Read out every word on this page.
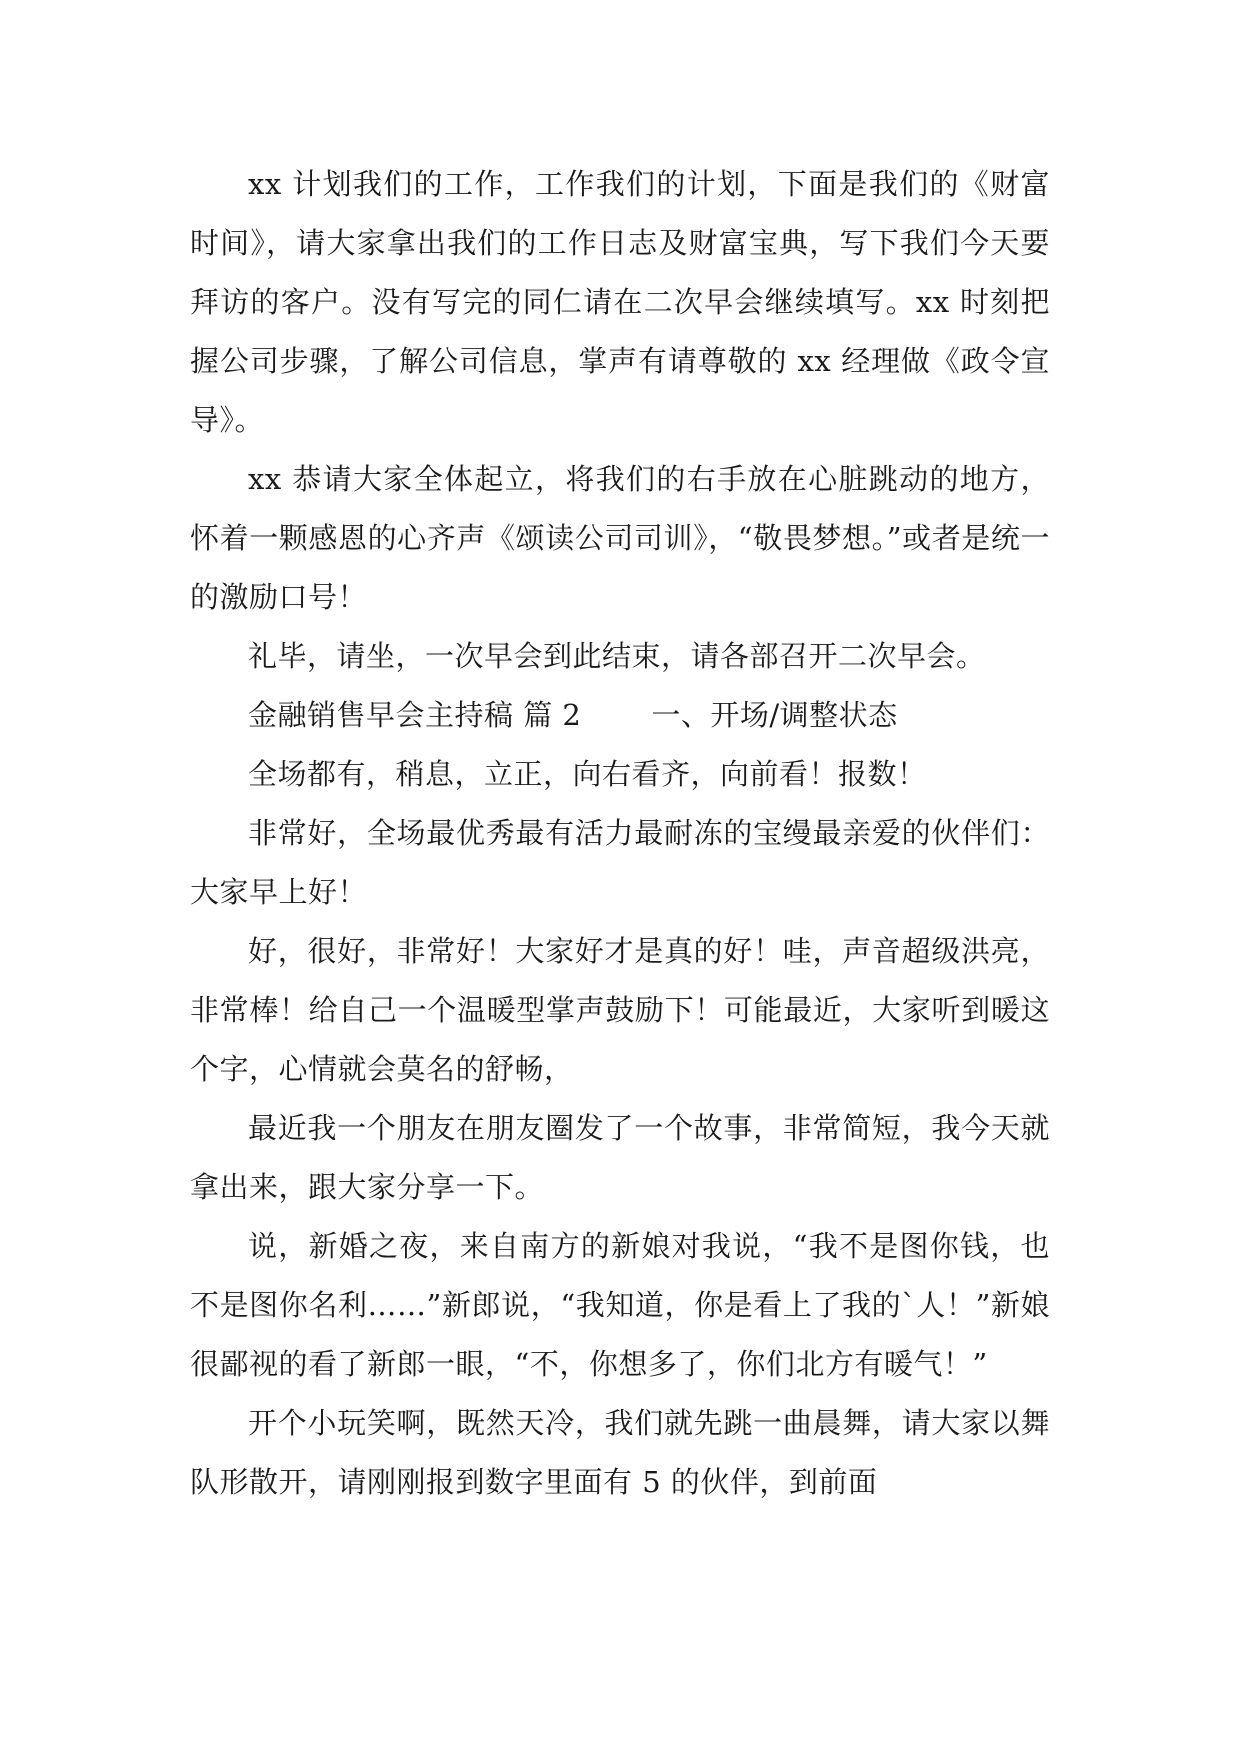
xx 计划我们的工作，工作我们的计划，下面是我们的《财富时间》，请大家拿出我们的工作日志及财富宝典，写下我们今天要拜访的客户。没有写完的同仁请在二次早会继续填写。xx 时刻把握公司步骤，了解公司信息，掌声有请尊敬的 xx 经理做《政令宣导》。

xx 恭请大家全体起立，将我们的右手放在心脏跳动的地方，怀着一颗感恩的心齐声《颂读公司司训》，“敬畏梦想。”或者是统一的激励口号！

礼毕，请坐，一次早会到此结束，请各部召开二次早会。

金融销售早会主持稿 篇 2 一、开场/调整状态

全场都有，稍息，立正，向右看齐，向前看！报数！

非常好，全场最优秀最有活力最耐冻的宝缦最亲爱的伙伴们：大家早上好！

好，很好，非常好！大家好才是真的好！哇，声音超级洪亮，非常棒！给自己一个温暖型掌声鼓励下！可能最近，大家听到暖这个字，心情就会莫名的舒畅，

最近我一个朋友在朋友圈发了一个故事，非常简短，我今天就拿出来，跟大家分享一下。

说，新婚之夜，来自南方的新娘对我说，“我不是图你钱，也不是图你名利……”新郎说，“我知道，你是看上了我的`人！”新娘很鄙视的看了新郎一眼，“不，你想多了，你们北方有暖气！”

开个小玩笑啊，既然天冷，我们就先跳一曲晨舞，请大家以舞队形散开，请刚刚报到数字里面有 5 的伙伴，到前面
